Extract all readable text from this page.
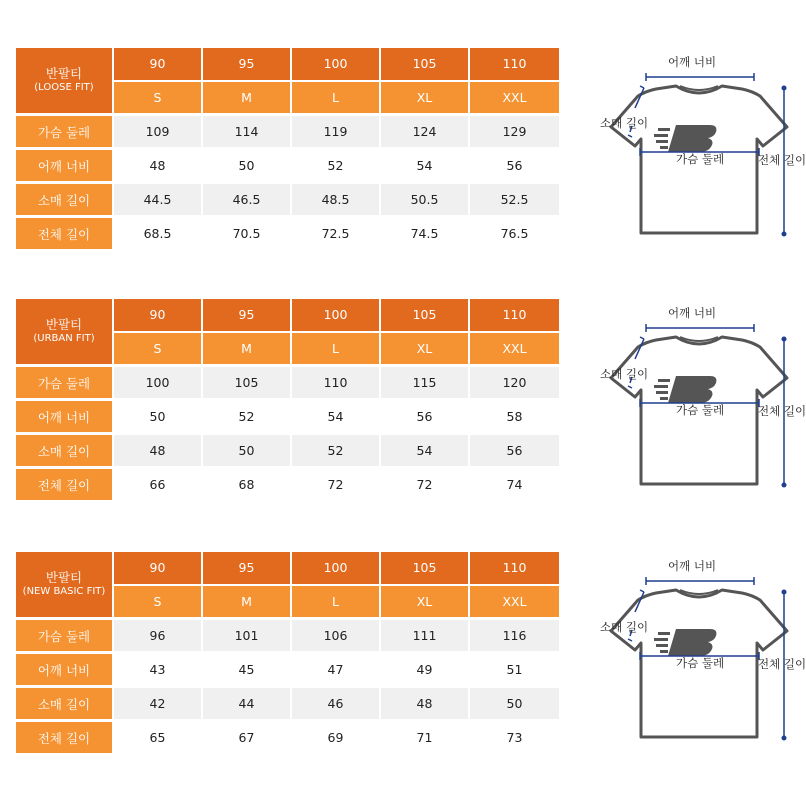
반팔티
(LOOSE FIT)	90	95	100	105	110
	S	M	L	XL	XXL
가슴 둘레	109	114	119	124	129
어깨 너비	48	50	52	54	56
소매 길이	44.5	46.5	48.5	50.5	52.5
전체 길이	68.5	70.5	72.5	74.5	76.5
어깨 너비
소매 길이
가슴 둘레	전체 길이
반팔티
(URBAN FIT)	90	95	100	105	110
	S	M	L	XL	XXL
가슴 둘레	100	105	110	115	120
어깨 너비	50	52	54	56	58
소매 길이	48	50	52	54	56
전체 길이	66	68	72	72	74
어깨 너비
소매 길이
가슴 둘레	전체 길이
반팔티
(NEW BASIC FIT)	90	95	100	105	110
	S	M	L	XL	XXL
가슴 둘레	96	101	106	111	116
어깨 너비	43	45	47	49	51
소매 길이	42	44	46	48	50
전체 길이	65	67	69	71	73
어깨 너비
소매 길이
가슴 둘레	전체 길이
